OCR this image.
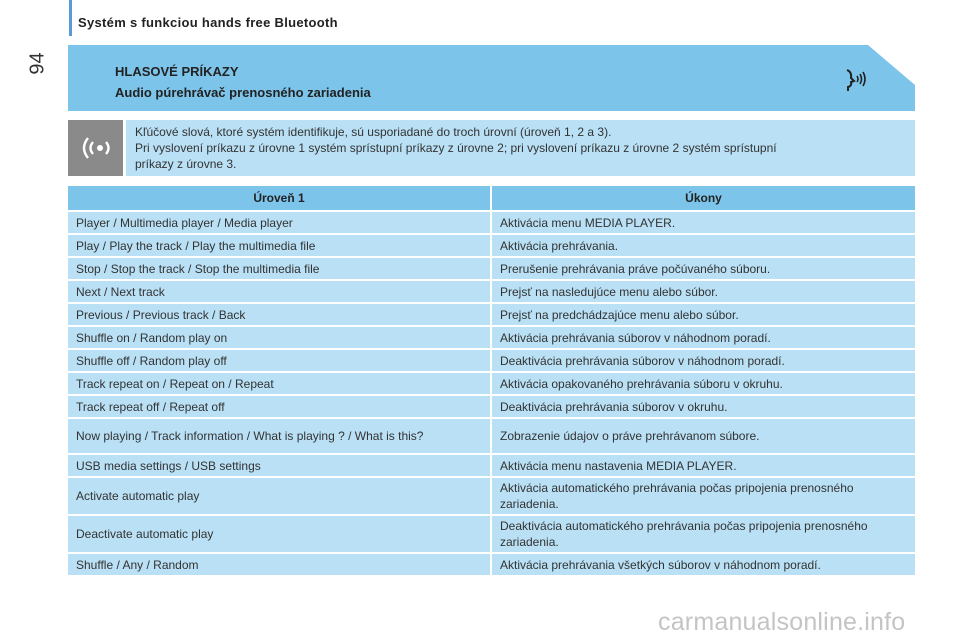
94
Systém s funkciou hands free Bluetooth
HLASOVÉ PRÍKAZY
Audio púrehrávač prenosného zariadenia
Kľúčové slová, ktoré systém identifikuje, sú usporiadané do troch úrovní (úroveň 1, 2 a 3).
Pri vyslovení príkazu z úrovne 1 systém sprístupní príkazy z úrovne 2; pri vyslovení príkazu z úrovne 2 systém sprístupní
príkazy z úrovne 3.
Úroveň 1	Úkony
Player / Multimedia player / Media player	Aktivácia menu MEDIA PLAYER.
Play / Play the track / Play the multimedia file	Aktivácia prehrávania.
Stop / Stop the track / Stop the multimedia file	Prerušenie prehrávania práve počúvaného súboru.
Next / Next track	Prejsť na nasledujúce menu alebo súbor.
Previous / Previous track / Back	Prejsť na predchádzajúce menu alebo súbor.
Shuffle on / Random play on	Aktivácia prehrávania súborov v náhodnom poradí.
Shuffle off / Random play off	Deaktivácia prehrávania súborov v náhodnom poradí.
Track repeat on / Repeat on / Repeat	Aktivácia opakovaného prehrávania súboru v okruhu.
Track repeat off / Repeat off	Deaktivácia prehrávania súborov v okruhu.
Now playing / Track information / What is playing ? / What is this?	Zobrazenie údajov o práve prehrávanom súbore.
USB media settings / USB settings	Aktivácia menu nastavenia MEDIA PLAYER.
Activate automatic play	Aktivácia automatického prehrávania počas pripojenia prenosného zariadenia.
Deactivate automatic play	Deaktivácia automatického prehrávania počas pripojenia prenosného zariadenia.
Shuffle / Any / Random	Aktivácia prehrávania všetkých súborov v náhodnom poradí.
carmanualsonline.info
